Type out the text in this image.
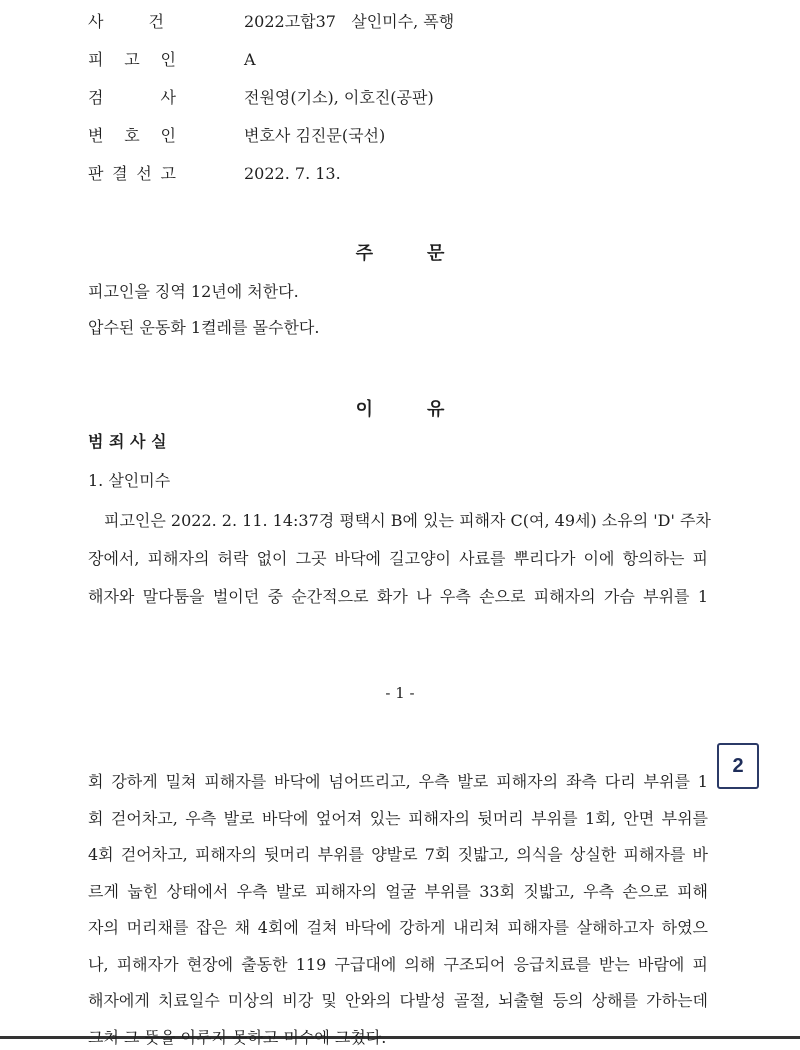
사	건	2022고합37   살인미수, 폭행
피 고 인	A
검	사	전원영(기소), 이호진(공판)
변 호 인	변호사 김진문(국선)
판 결 선 고	2022. 7. 13.
주문
피고인을 징역 12년에 처한다.
압수된 운동화 1켤레를 몰수한다.
이유
범 죄 사 실
1. 살인미수
피고인은 2022. 2. 11. 14:37경 평택시 B에 있는 피해자 C(여, 49세) 소유의 'D' 주차
장에서, 피해자의 허락 없이 그곳 바닥에 길고양이 사료를 뿌리다가 이에 항의하는 피
해자와 말다툼을 벌이던 중 순간적으로 화가 나 우측 손으로 피해자의 가슴 부위를 1
- 1 -
회 강하게 밀쳐 피해자를 바닥에 넘어뜨리고, 우측 발로 피해자의 좌측 다리 부위를 1
회 걷어차고, 우측 발로 바닥에 엎어져 있는 피해자의 뒷머리 부위를 1회, 안면 부위를
4회 걷어차고, 피해자의 뒷머리 부위를 양발로 7회 짓밟고, 의식을 상실한 피해자를 바
르게 눕힌 상태에서 우측 발로 피해자의 얼굴 부위를 33회 짓밟고, 우측 손으로 피해
자의 머리채를 잡은 채 4회에 걸쳐 바닥에 강하게 내리쳐 피해자를 살해하고자 하였으
나, 피해자가 현장에 출동한 119 구급대에 의해 구조되어 응급치료를 받는 바람에 피
해자에게 치료일수 미상의 비강 및 안와의 다발성 골절, 뇌출혈 등의 상해를 가하는데
2
그쳐 그 뜻을 이루지 못하고 미수에 그쳤다.
